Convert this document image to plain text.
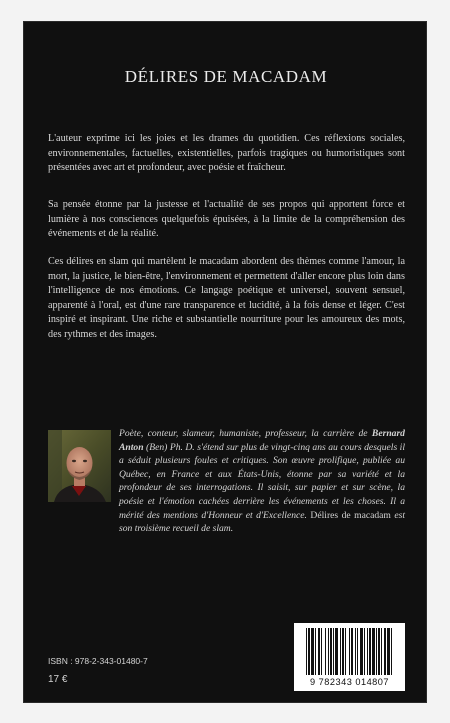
DÉLIRES DE MACADAM

L'auteur exprime ici les joies et les drames du quotidien. Ces réflexions sociales, environnementales, factuelles, existentielles, parfois tragiques ou humoristiques sont présentées avec art et profondeur, avec poésie et fraîcheur.

Sa pensée étonne par la justesse et l'actualité de ses propos qui apportent force et lumière à nos consciences quelquefois épuisées, à la limite de la compréhension des événements et de la réalité.

Ces délires en slam qui martèlent le macadam abordent des thèmes comme l'amour, la mort, la justice, le bien-être, l'environnement et permettent d'aller encore plus loin dans l'intelligence de nos émotions. Ce langage poétique et universel, souvent sensuel, apparenté à l'oral, est d'une rare transparence et lucidité, à la fois dense et léger. C'est inspiré et inspirant. Une riche et substantielle nourriture pour les amoureux des mots, des rythmes et des images.

Poète, conteur, slameur, humaniste, professeur, la carrière de Bernard Anton (Ben) Ph. D. s'étend sur plus de vingt-cinq ans au cours desquels il a séduit plusieurs foules et critiques. Son œuvre prolifique, publiée au Québec, en France et aux États-Unis, étonne par sa variété et la profondeur de ses interrogations. Il saisit, sur papier et sur scène, la poésie et l'émotion cachées derrière les événements et les choses. Il a mérité des mentions d'Honneur et d'Excellence. Délires de macadam est son troisième recueil de slam.

ISBN : 978-2-343-01480-7
17 €	9 782343 014807
